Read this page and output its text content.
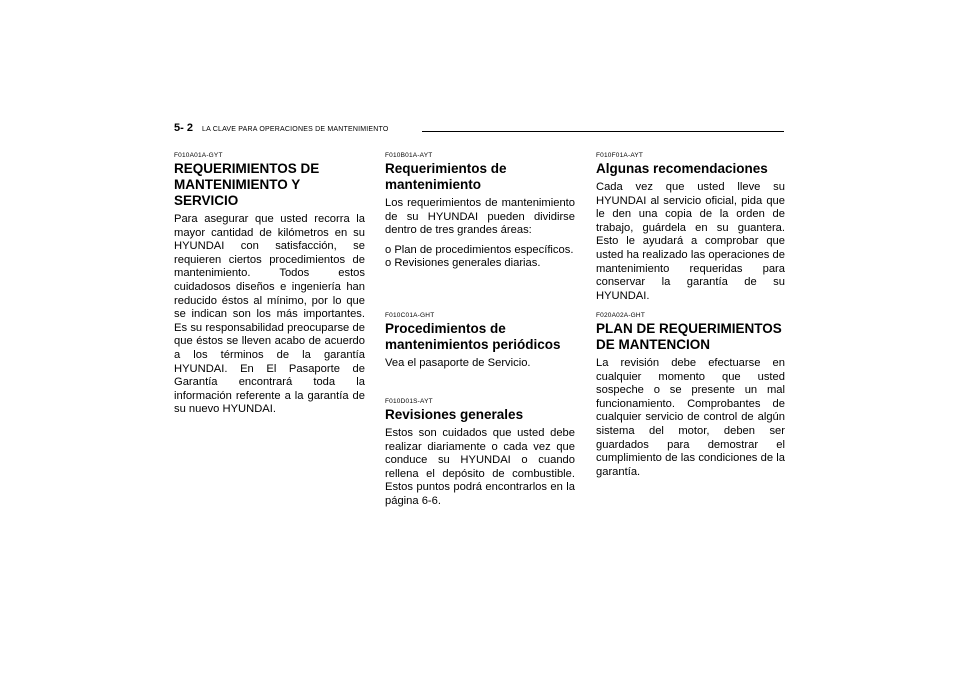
5- 2 LA CLAVE PARA OPERACIONES DE MANTENIMIENTO
F010A01A-GYT
REQUERIMIENTOS DE MANTENIMIENTO Y SERVICIO

Para asegurar que usted recorra la mayor cantidad de kilómetros en su HYUNDAI con satisfacción, se requieren ciertos procedimientos de mantenimiento. Todos estos cuidadosos diseños e ingeniería han reducido éstos al mínimo, por lo que se indican son los más importantes. Es su responsabilidad preocuparse de que éstos se lleven acabo de acuerdo a los términos de la garantía HYUNDAI. En El Pasaporte de Garantía encontrará toda la información referente a la garantía de su nuevo HYUNDAI.

F010B01A-AYT
Requerimientos de mantenimiento

Los requerimientos de mantenimiento de su HYUNDAI pueden dividirse dentro de tres grandes áreas:

o Plan de procedimientos específicos.
o Revisiones generales diarias.
F010C01A-GHT
Procedimientos de mantenimientos periódicos

Vea el pasaporte de Servicio.

F010D01S-AYT
Revisiones generales

Estos son cuidados que usted debe realizar diariamente o cada vez que conduce su HYUNDAI o cuando rellena el depósito de combustible. Estos puntos podrá encontrarlos en la página 6-6.

F010F01A-AYT
Algunas recomendaciones

Cada vez que usted lleve su HYUNDAI al servicio oficial, pida que le den una copia de la orden de trabajo, guárdela en su guantera. Esto le ayudará a comprobar que usted ha realizado las operaciones de mantenimiento requeridas para conservar la garantía de su HYUNDAI.

F020A02A-GHT
PLAN DE REQUERIMIENTOS DE MANTENCION

La revisión debe efectuarse en cualquier momento que usted sospeche o se presente un mal funcionamiento. Comprobantes de cualquier servicio de control de algún sistema del motor, deben ser guardados para demostrar el cumplimiento de las condiciones de la garantía.
